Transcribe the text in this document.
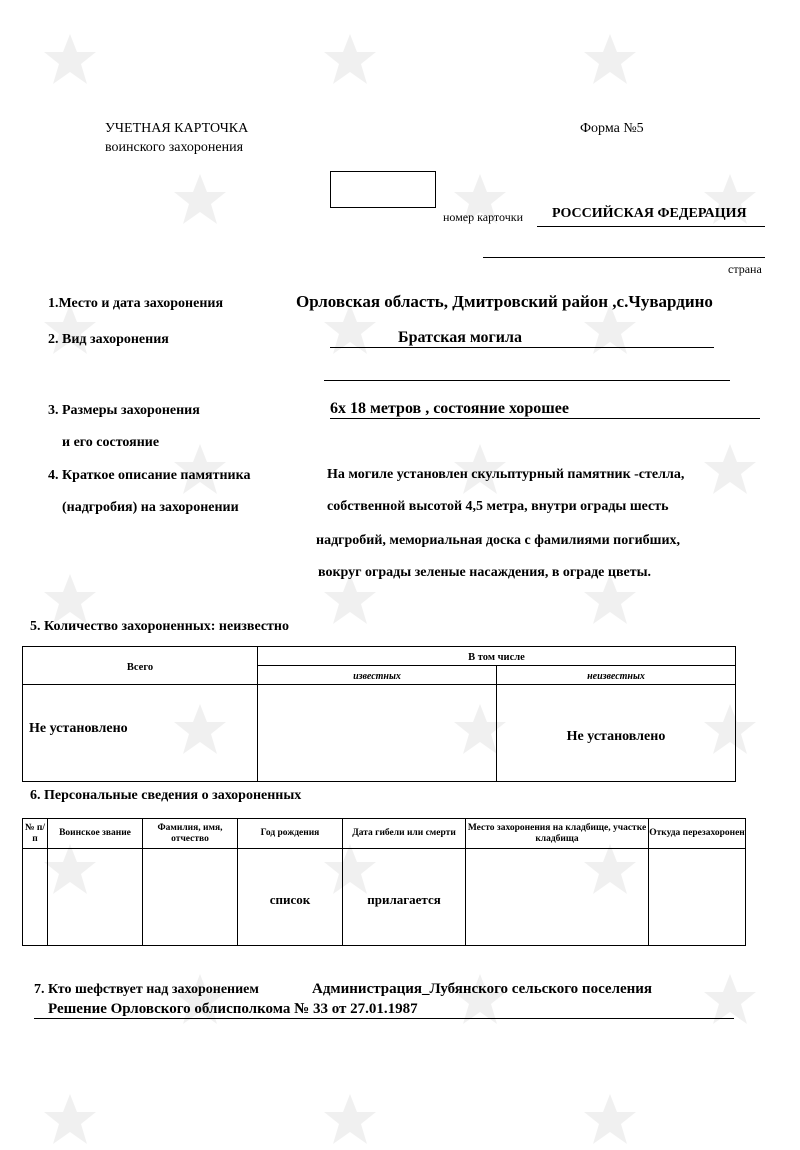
УЧЕТНАЯ КАРТОЧКА
воинского захоронения
Форма №5
номер карточки РОССИЙСКАЯ ФЕДЕРАЦИЯ
страна
1.Место и дата захоронения	Орловская область, Дмитровский район ,с.Чувардино
2. Вид захоронения	Братская могила
3. Размеры захоронения
и его состояние
6х 18 метров , состояние хорошее
4. Краткое описание памятника
(надгробия) на захоронении
На могиле установлен скульптурный памятник -стелла,
собственной высотой 4,5 метра, внутри ограды шесть
надгробий, мемориальная доска с фамилиями погибших,
вокруг ограды зеленые насаждения, в ограде цветы.
5. Количество захороненных: неизвестно
Всего	В том числе	
	известных	неизвестных
Не установлено		Не установлено
6. Персональные сведения о захороненных
№ п/п	Воинское звание	Фамилия, имя, отчество	Год рождения	Дата гибели или смерти	Место захоронения на кладбище, участке кладбища	Откуда перезахоронен
			список	прилагается		
7. Кто шефствует над захоронением	Администрация_Лубянского сельского поселения
Решение Орловского облисполкома № 33 от 27.01.1987
